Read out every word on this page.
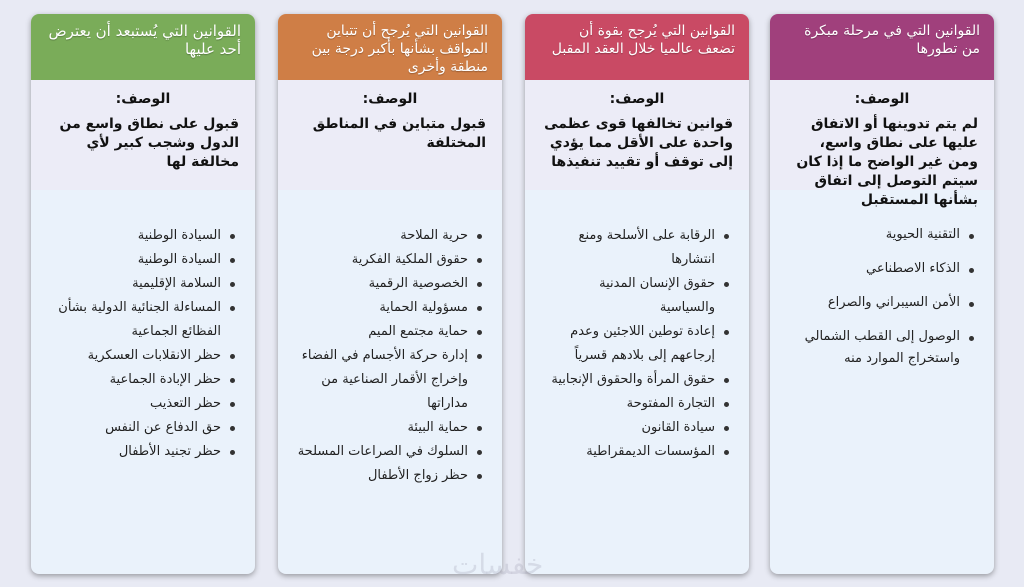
القوانين التي في مرحلة مبكرة من تطورها
الوصف:
لم يتم تدوينها أو الاتفاق عليها على نطاق واسع، ومن غير الواضح ما إذا كان سيتم التوصل إلى اتفاق بشأنها المستقبل
التقنية الحيوية
الذكاء الاصطناعي
الأمن السيبراني والصراع
الوصول إلى القطب الشمالي واستخراج الموارد منه
القوانين التي يُرجح بقوة أن تضعف عالميا خلال العقد المقبل
الوصف:
قوانين تخالفها قوى عظمى واحدة على الأقل مما يؤدي إلى توقف أو تقييد تنفيذها
الرقابة على الأسلحة ومنع انتشارها
حقوق الإنسان المدنية والسياسية
إعادة توطين اللاجئين وعدم إرجاعهم إلى بلادهم قسرياً
حقوق المرأة والحقوق الإنجابية
التجارة المفتوحة
سيادة القانون
المؤسسات الديمقراطية
القوانين التي يُرجح أن تتباين المواقف بشأنها بأكبر درجة بين منطقة وأخرى
الوصف:
قبول متباين في المناطق المختلفة
حرية الملاحة
حقوق الملكية الفكرية
الخصوصية الرقمية
مسؤولية الحماية
حماية مجتمع الميم
إدارة حركة الأجسام في الفضاء وإخراج الأقمار الصناعية من مداراتها
حماية البيئة
السلوك في الصراعات المسلحة
حظر زواج الأطفال
القوانين التي يُستبعد أن يعترض أحد عليها
الوصف:
قبول على نطاق واسع من الدول وشجب كبير لأي مخالفة لها
السيادة الوطنية
السيادة الوطنية
السلامة الإقليمية
المساءلة الجنائية الدولية بشأن الفظائع الجماعية
حظر الانقلابات العسكرية
حظر الإبادة الجماعية
حظر التعذيب
حق الدفاع عن النفس
حظر تجنيد الأطفال
خفسات
